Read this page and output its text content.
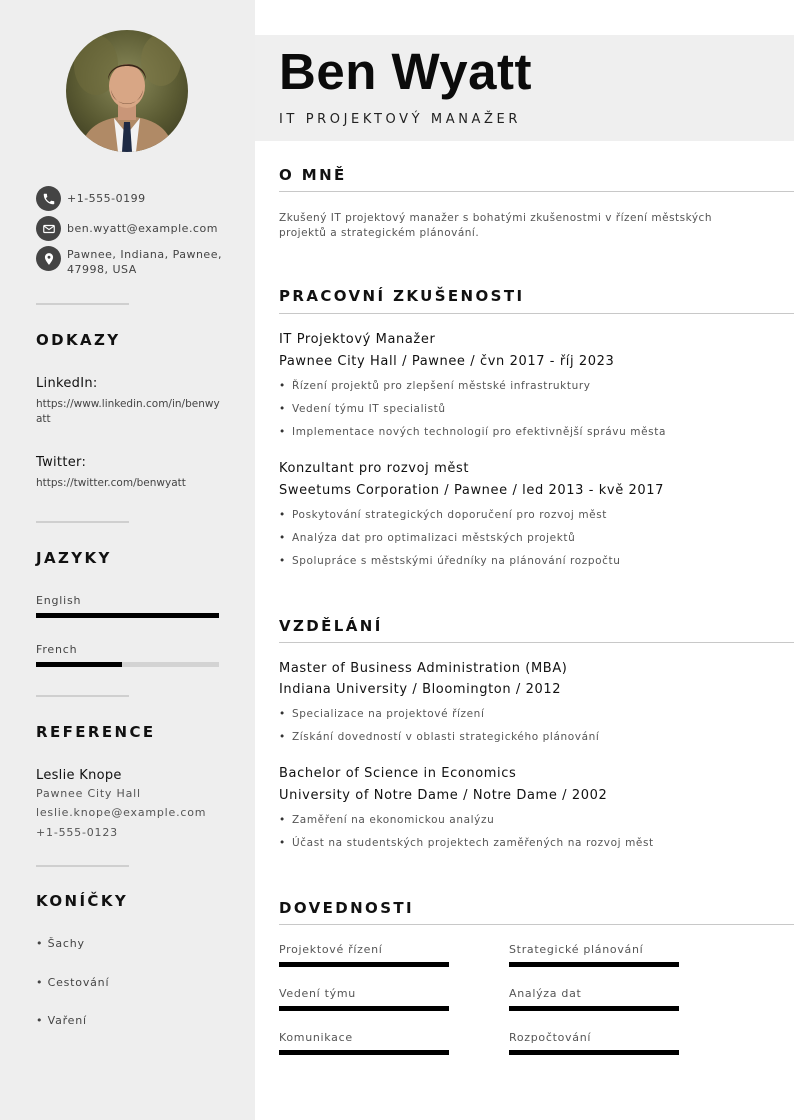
+1-555-0199
ben.wyatt@example.com
Pawnee, Indiana, Pawnee,
47998, USA
ODKAZY
LinkedIn:
https://www.linkedin.com/in/benwyatt
Twitter:
https://twitter.com/benwyatt
JAZYKY
English
French
REFERENCE
Leslie Knope
Pawnee City Hall
leslie.knope@example.com
+1-555-0123
KONÍČKY
• Šachy
• Cestování
• Vaření
Ben Wyatt
IT PROJEKTOVÝ MANAŽER
O MNĚ
Zkušený IT projektový manažer s bohatými zkušenostmi v řízení městských projektů a strategickém plánování.
PRACOVNÍ ZKUŠENOSTI
IT Projektový Manažer
Pawnee City Hall / Pawnee / čvn 2017 - říj 2023
• Řízení projektů pro zlepšení městské infrastruktury
• Vedení týmu IT specialistů
• Implementace nových technologií pro efektivnější správu města
Konzultant pro rozvoj měst
Sweetums Corporation / Pawnee / led 2013 - kvě 2017
• Poskytování strategických doporučení pro rozvoj měst
• Analýza dat pro optimalizaci městských projektů
• Spolupráce s městskými úředníky na plánování rozpočtu
VZDĚLÁNÍ
Master of Business Administration (MBA)
Indiana University / Bloomington / 2012
• Specializace na projektové řízení
• Získání dovedností v oblasti strategického plánování
Bachelor of Science in Economics
University of Notre Dame / Notre Dame / 2002
• Zaměření na ekonomickou analýzu
• Účast na studentských projektech zaměřených na rozvoj měst
DOVEDNOSTI
Projektové řízení	Strategické plánování
Vedení týmu	Analýza dat
Komunikace	Rozpočtování
